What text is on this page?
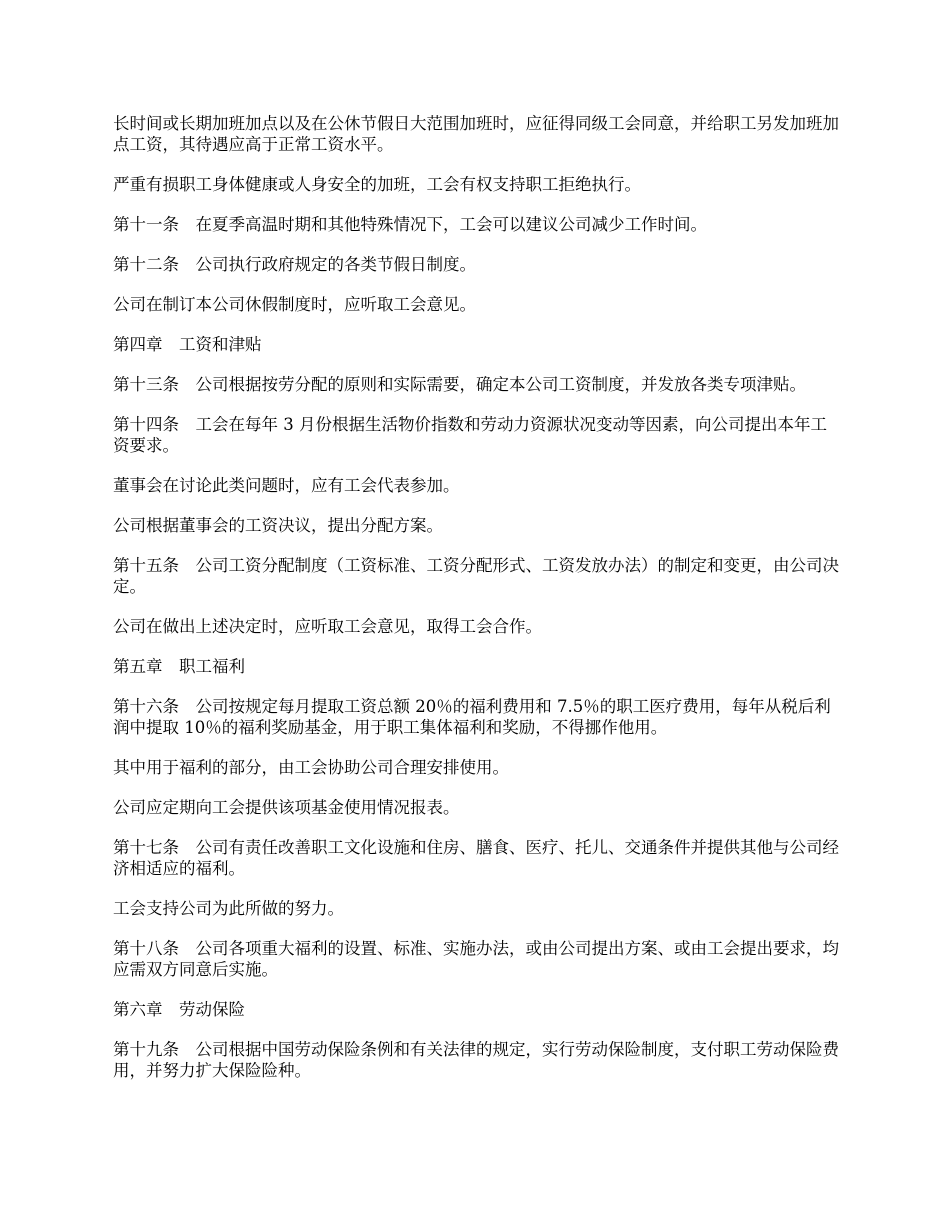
长时间或长期加班加点以及在公休节假日大范围加班时，应征得同级工会同意，并给职工另发加班加点工资，其待遇应高于正常工资水平。

严重有损职工身体健康或人身安全的加班，工会有权支持职工拒绝执行。

第十一条　在夏季高温时期和其他特殊情况下，工会可以建议公司减少工作时间。

第十二条　公司执行政府规定的各类节假日制度。

公司在制订本公司休假制度时，应听取工会意见。

第四章　工资和津贴

第十三条　公司根据按劳分配的原则和实际需要，确定本公司工资制度，并发放各类专项津贴。

第十四条　工会在每年 3 月份根据生活物价指数和劳动力资源状况变动等因素，向公司提出本年工资要求。

董事会在讨论此类问题时，应有工会代表参加。

公司根据董事会的工资决议，提出分配方案。

第十五条　公司工资分配制度（工资标准、工资分配形式、工资发放办法）的制定和变更，由公司决定。

公司在做出上述决定时，应听取工会意见，取得工会合作。

第五章　职工福利

第十六条　公司按规定每月提取工资总额 20％的福利费用和 7.5％的职工医疗费用，每年从税后利润中提取 10％的福利奖励基金，用于职工集体福利和奖励，不得挪作他用。

其中用于福利的部分，由工会协助公司合理安排使用。

公司应定期向工会提供该项基金使用情况报表。

第十七条　公司有责任改善职工文化设施和住房、膳食、医疗、托儿、交通条件并提供其他与公司经济相适应的福利。

工会支持公司为此所做的努力。

第十八条　公司各项重大福利的设置、标准、实施办法，或由公司提出方案、或由工会提出要求，均应需双方同意后实施。

第六章　劳动保险

第十九条　公司根据中国劳动保险条例和有关法律的规定，实行劳动保险制度，支付职工劳动保险费用，并努力扩大保险险种。
